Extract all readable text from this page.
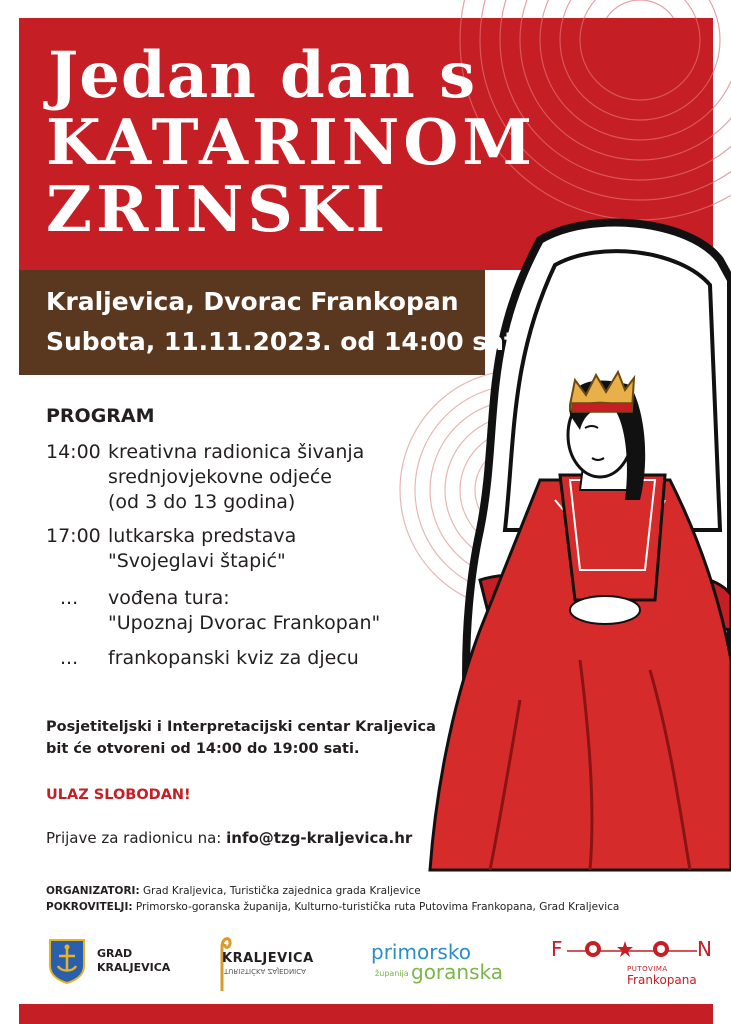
Jedan dan s
KATARINOM
ZRINSKI
Kraljevica, Dvorac Frankopan
Subota, 11.11.2023. od 14:00 sati
PROGRAM
14:00 kreativna radionica šivanja
srednjovjekovne odjeće
(od 3 do 13 godina)
17:00 lutkarska predstava
"Svojeglavi štapić"
... vođena tura:
"Upoznaj Dvorac Frankopan"
... frankopanski kviz za djecu
Posjetiteljski i Interpretacijski centar Kraljevica
bit će otvoreni od 14:00 do 19:00 sati.
ULAZ SLOBODAN!
Prijave za radionicu na: info@tzg-kraljevica.hr
ORGANIZATORI: Grad Kraljevica, Turistička zajednica grada Kraljevice
POKROVITELJI: Primorsko-goranska županija, Kulturno-turistička ruta Putovima Frankopana, Grad Kraljevica
GRAD
KRALJEVICA
KRALJEVICA
TURISTIČKA ZAJEDNICA
primorsko
županija goranska
F	N
PUTOVIMA
Frankopana
